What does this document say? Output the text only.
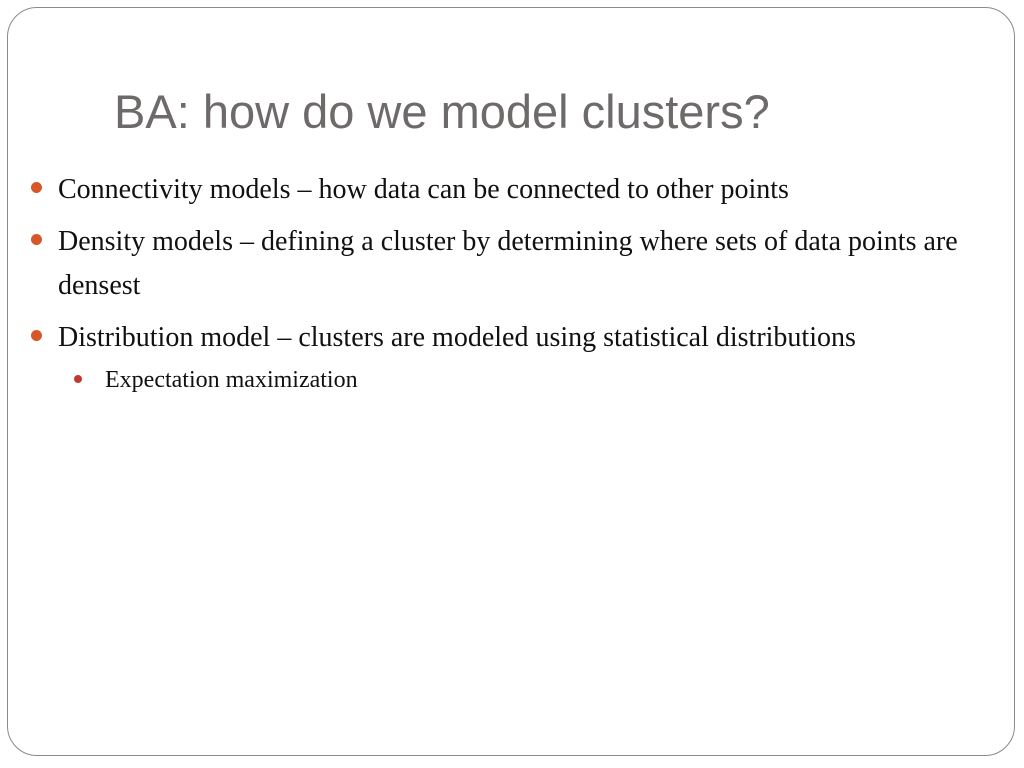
BA: how do we model clusters?
Connectivity models – how data can be connected to other points
Density models – defining a cluster by determining where sets of data points are densest
Distribution model – clusters are modeled using statistical distributions
Expectation maximization
